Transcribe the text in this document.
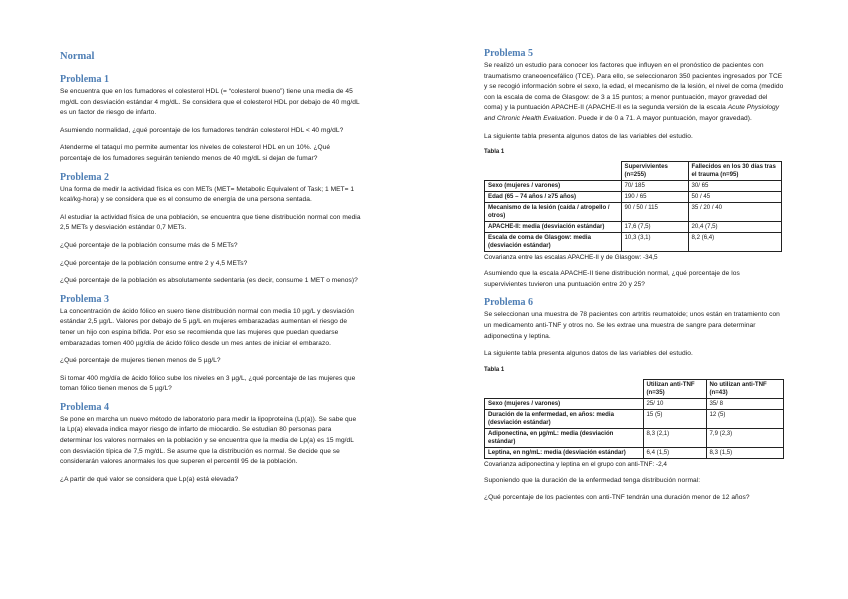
Normal
Problema 1

Se encuentra que en los fumadores el colesterol HDL (= “colesterol bueno”) tiene una media de 45 mg/dL con desviación estándar 4 mg/dL. Se considera que el colesterol HDL por debajo de 40 mg/dL es un factor de riesgo de infarto.

Asumiendo normalidad, ¿qué porcentaje de los fumadores tendrán colesterol HDL < 40 mg/dL?

Atenderme el tataquí mo permite aumentar los niveles de colesterol HDL en un 10%. ¿Qué porcentaje de los fumadores seguirán teniendo menos de 40 mg/dL si dejan de fumar?

Problema 2

Una forma de medir la actividad física es con METs (MET= Metabolic Equivalent of Task; 1 MET= 1 kcal/kg-hora) y se considera que es el consumo de energía de una persona sentada.

Al estudiar la actividad física de una población, se encuentra que tiene distribución normal con media 2,5 METs y desviación estándar 0,7 METs.

¿Qué porcentaje de la población consume más de 5 METs?

¿Qué porcentaje de la población consume entre 2 y 4,5 METs?

¿Qué porcentaje de la población es absolutamente sedentaria (es decir, consume 1 MET o menos)?

Problema 3

La concentración de ácido fólico en suero tiene distribución normal con media 10 µg/L y desviación estándar 2,5 µg/L. Valores por debajo de 5 µg/L en mujeres embarazadas aumentan el riesgo de tener un hijo con espina bífida. Por eso se recomienda que las mujeres que puedan quedarse embarazadas tomen 400 µg/día de ácido fólico desde un mes antes de iniciar el embarazo.

¿Qué porcentaje de mujeres tienen menos de 5 µg/L?

Si tomar 400 mg/día de ácido fólico sube los niveles en 3 µg/L, ¿qué porcentaje de las mujeres que toman fólico tienen menos de 5 µg/L?

Problema 4

Se pone en marcha un nuevo método de laboratorio para medir la lipoproteína (Lp(a)). Se sabe que la Lp(a) elevada indica mayor riesgo de infarto de miocardio. Se estudian 80 personas para determinar los valores normales en la población y se encuentra que la media de Lp(a) es 15 mg/dL con desviación típica de 7,5 mg/dL. Se asume que la distribución es normal. Se decide que se considerarán valores anormales los que superen el percentil 95 de la población.

¿A partir de qué valor se considera que Lp(a) está elevada?

Problema 5

Se realizó un estudio para conocer los factores que influyen en el pronóstico de pacientes con traumatismo craneoencefálico (TCE). Para ello, se seleccionaron 350 pacientes ingresados por TCE y se recogió información sobre el sexo, la edad, el mecanismo de la lesión, el nivel de coma (medido con la escala de coma de Glasgow: de 3 a 15 puntos; a menor puntuación, mayor gravedad del coma) y la puntuación APACHE-II (APACHE-II es la segunda versión de la escala Acute Physiology and Chronic Health Evaluation. Puede ir de 0 a 71. A mayor puntuación, mayor gravedad).

La siguiente tabla presenta algunos datos de las variables del estudio.

Tabla 1
	Supervivientes (n=255)	Fallecidos en los 30 días tras el trauma (n=95)
Sexo (mujeres / varones)	70/ 185	30/ 65
Edad (65 – 74 años / ≥75 años)	190 / 65	50 / 45
Mecanismo de la lesión (caída / atropello / otros)	90 / 50 / 115	35 / 20 / 40
APACHE-II: media (desviación estándar)	17,6 (7,5)	20,4 (7,5)
Escala de coma de Glasgow: media (desviación estándar)	10,3 (3,1)	8,2 (6,4)
Covarianza entre las escalas APACHE-II y de Glasgow: -34,5

Asumiendo que la escala APACHE-II tiene distribución normal, ¿qué porcentaje de los supervivientes tuvieron una puntuación entre 20 y 25?

Problema 6

Se seleccionan una muestra de 78 pacientes con artritis reumatoide; unos están en tratamiento con un medicamento anti-TNF y otros no. Se les extrae una muestra de sangre para determinar adiponectina y leptina.

La siguiente tabla presenta algunos datos de las variables del estudio.

Tabla 1
	Utilizan anti-TNF (n=35)	No utilizan anti-TNF (n=43)
Sexo (mujeres / varones)	25/ 10	35/ 8
Duración de la enfermedad, en años: media (desviación estándar)	15 (5)	12 (5)
Adiponectina, en µg/mL: media (desviación estándar)	8,3 (2,1)	7,9 (2,3)
Leptina, en ng/mL: media (desviación estándar)	6,4 (1,5)	8,3 (1,5)
Covarianza adiponectina y leptina en el grupo con anti-TNF: -2,4

Suponiendo que la duración de la enfermedad tenga distribución normal:

¿Qué porcentaje de los pacientes con anti-TNF tendrán una duración menor de 12 años?
